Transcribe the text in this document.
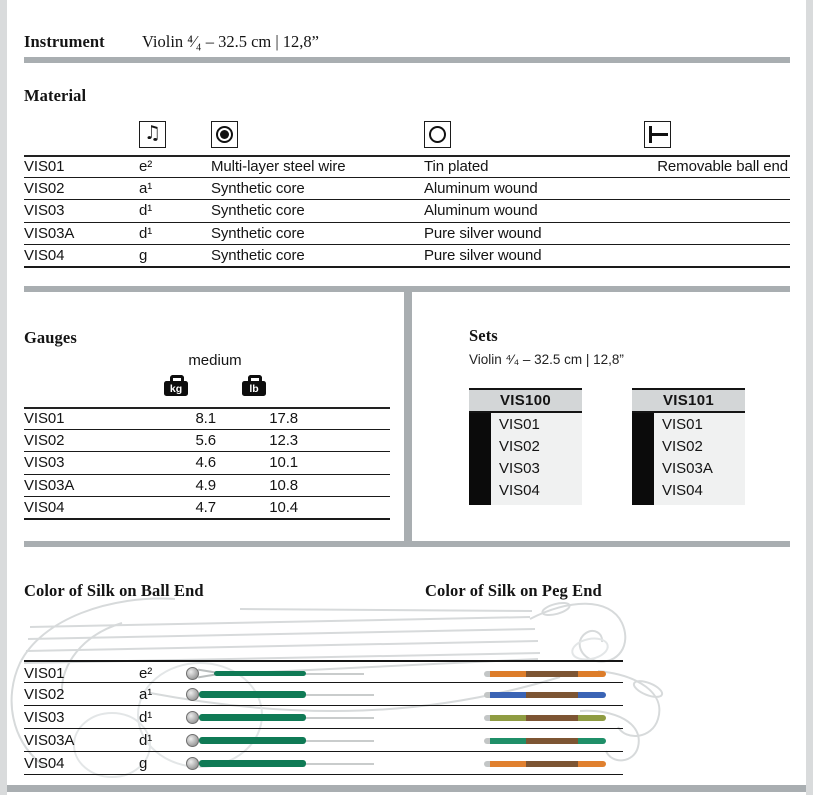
Instrument Violin ⁴⁄₄ – 32.5 cm | 12,8”
Material
♫
VIS01	e²	Multi-layer steel wire	Tin plated	Removable ball end
VIS02	a¹	Synthetic core	Aluminum wound
VIS03	d¹	Synthetic core	Aluminum wound
VIS03A	d¹	Synthetic core	Pure silver wound
VIS04	g	Synthetic core	Pure silver wound
Gauges
medium
kg	lb
VIS01	8.1	17.8
VIS02	5.6	12.3
VIS03	4.6	10.1
VIS03A	4.9	10.8
VIS04	4.7	10.4
Sets
Violin ⁴⁄₄ – 32.5 cm | 12,8”
VIS100
VIS01
VIS02
VIS03
VIS04
VIS101
VIS01
VIS02
VIS03A
VIS04
Color of Silk on Ball End	Color of Silk on Peg End
VIS01	e²
VIS02	a¹
VIS03	d¹
VIS03A	d¹
VIS04	g
